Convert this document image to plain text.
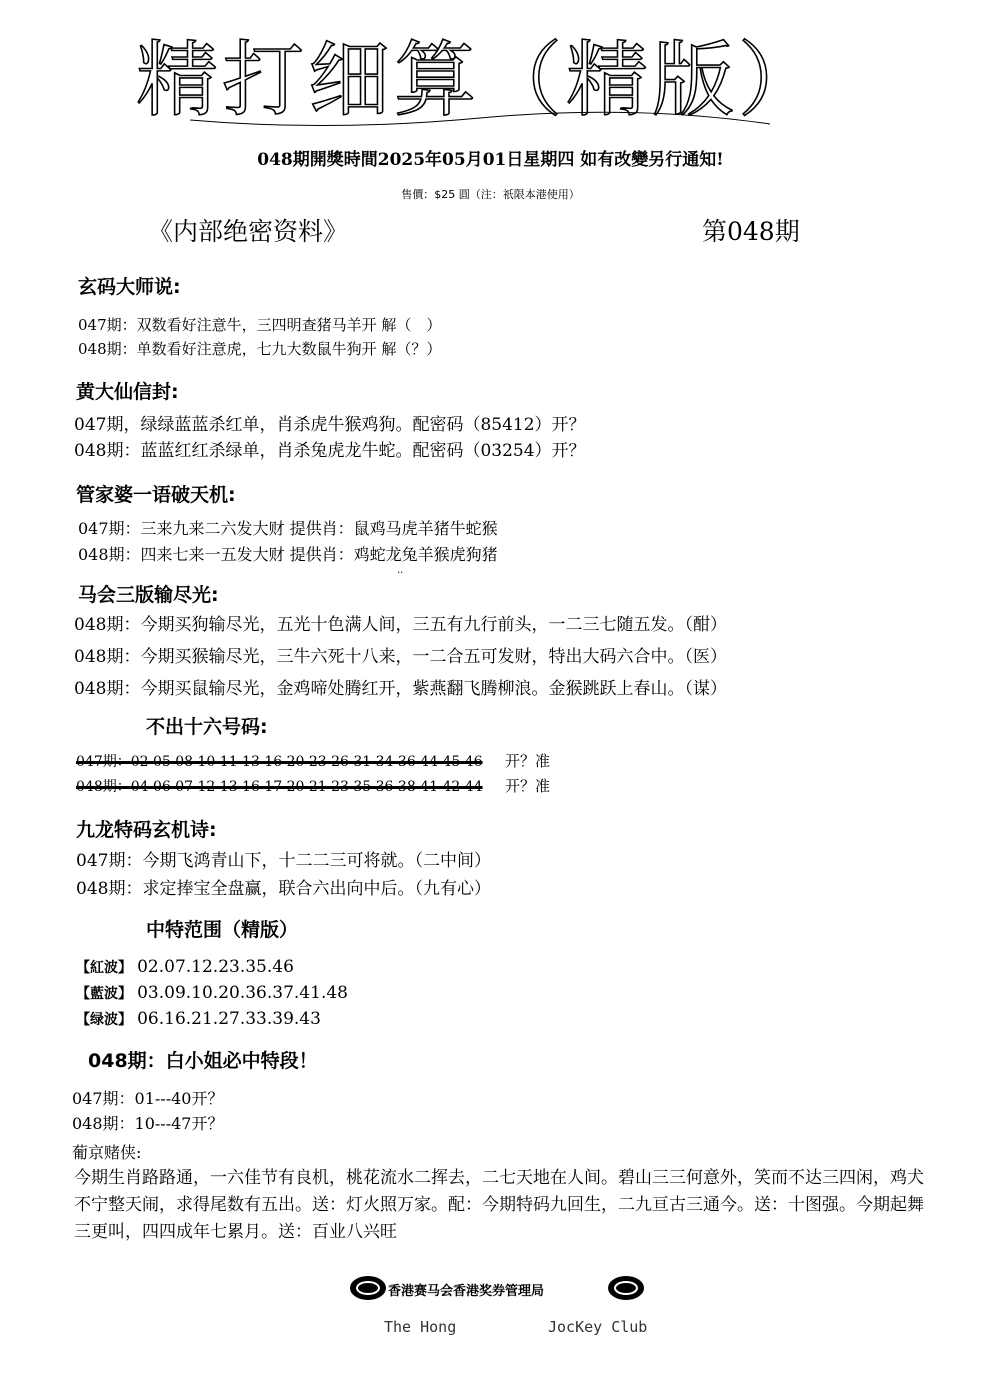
精打细算（精版）
048期開獎時間2025年05月01日星期四 如有改變另行通知!
售價：$25 圓（注：祇限本港使用）
《内部绝密资料》	第048期
玄码大师说:
047期：双数看好注意牛，三四明查猪马羊开 解（　）
048期：单数看好注意虎，七九大数鼠牛狗开 解（？）
黄大仙信封:
047期，绿绿蓝蓝杀红单，肖杀虎牛猴鸡狗。配密码（85412）开？
048期：蓝蓝红红杀绿单，肖杀兔虎龙牛蛇。配密码（03254）开？
管家婆一语破天机:
047期：三来九来二六发大财 提供肖：鼠鸡马虎羊猪牛蛇猴
048期：四来七来一五发大财 提供肖：鸡蛇龙兔羊猴虎狗猪
··
马会三版输尽光:
048期：今期买狗输尽光，五光十色满人间，三五有九行前头，一二三七随五发。（酣）
048期：今期买猴输尽光，三牛六死十八来，一二合五可发财，特出大码六合中。（医）
048期：今期买鼠输尽光，金鸡啼处腾红开，紫燕翻飞腾柳浪。金猴跳跃上春山。（谋）
不出十六号码:
047期：02 05 08 10 11 13 16 20 23 26 31 34 36 44 45 46 开？准
048期：04 06 07 12 13 16 17 20 21 23 35 36 38 41 42 44 开？准
九龙特码玄机诗:
047期：今期飞鸿青山下，十二二三可将就。（二中间）
048期：求定捧宝全盘赢，联合六出向中后。（九有心）
中特范围（精版）
【紅波】 02.07.12.23.35.46
【藍波】 03.09.10.20.36.37.41.48
【绿波】 06.16.21.27.33.39.43
048期：白小姐必中特段！
047期：01---40开？
048期：10---47开？
葡京赌侠:
今期生肖路路通，一六佳节有良机，桃花流水二挥去，二七天地在人间。碧山三三何意外，笑而不达三四闲，鸡犬不宁整天闹，求得尾数有五出。送：灯火照万家。配：今期特码九回生，二九亘古三通今。送：十图强。今期起舞三更叫，四四成年七累月。送：百业八兴旺
香港赛马会香港奖券管理局
The Hong	JocKey Club
